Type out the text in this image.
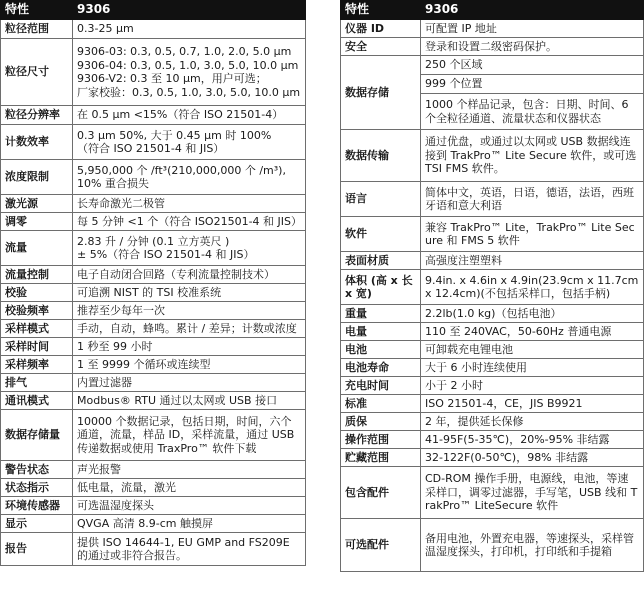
特性	9306
粒径范围	0.3-25 µm
粒径尺寸	9306-03: 0.3, 0.5, 0.7, 1.0, 2.0, 5.0 µm
9306-04: 0.3, 0.5, 1.0, 3.0, 5.0, 10.0 µm
9306-V2: 0.3 至 10 µm，用户可选；
厂家校验：0.3, 0.5, 1.0, 3.0, 5.0, 10.0 µm

粒径分辨率	在 0.5 µm <15%（符合 ISO 21501-4）
计数效率	0.3 µm 50%, 大于 0.45 µm 时 100%
（符合 ISO 21501-4 和 JIS）

浓度限制	5,950,000 个 /ft³(210,000,000 个 /m³),
10% 重合损失

激光源	长寿命激光二极管
调零	每 5 分钟 <1 个（符合 ISO21501-4 和 JIS）
流量	2.83 升 / 分钟 (0.1 立方英尺 )
± 5%（符合 ISO 21501-4 和 JIS）

流量控制	电子自动闭合回路（专利流量控制技术）
校验	可追溯 NIST 的 TSI 校准系统
校验频率	推荐至少每年一次
采样模式	手动，自动，蜂鸣。累计 / 差异；计数或浓度
采样时间	1 秒至 99 小时
采样频率	1 至 9999 个循环或连续型
排气	内置过滤器
通讯模式	Modbus® RTU 通过以太网或 USB 接口
数据存储量	10000 个数据记录，包括日期，时间，六个通道，流量，样品 ID，采样流量，通过 USB 传递数据或使用 TraxPro™ 软件下载
警告状态	声光报警
状态指示	低电量，流量，激光
环境传感器	可选温湿度探头
显示	QVGA 高清 8.9-cm 触摸屏
报告	提供 ISO 14644-1, EU GMP and FS209E
的通过或非符合报告。
特性	9306
仪器 ID	可配置 IP 地址
安全	登录和设置二级密码保护。
数据存储	250 个区域
	999 个位置
	1000 个样品记录，包含：日期、时间、6 个全粒径通道、流量状态和仪器状态
数据传输	通过优盘，或通过以太网或 USB 数据线连接到 TrakPro™ Lite Secure 软件，或可选 TSI FMS 软件。
语言	简体中文，英语，日语，德语，法语，西班牙语和意大利语
软件	兼容 TrakPro™ Lite，TrakPro™ Lite Secure 和 FMS 5 软件
表面材质	高强度注塑塑料
体积 (高 x 长 x 宽)	9.4in. x 4.6in x 4.9in(23.9cm x 11.7cm x 12.4cm)(不包括采样口，包括手柄)
重量	2.2lb(1.0 kg)（包括电池）
电量	110 至 240VAC，50-60Hz 普通电源
电池	可卸载充电锂电池
电池寿命	大于 6 小时连续使用
充电时间	小于 2 小时
标准	ISO 21501-4，CE，JIS B9921
质保	2 年，提供延长保修
操作范围	41-95F(5-35℃)，20%-95% 非结露
贮藏范围	32-122F(0-50℃)，98% 非结露
包含配件	CD-ROM 操作手册，电源线，电池，等速采样口，调零过滤器，手写笔，USB 线和 TrakPro™ LiteSecure 软件
可选配件	备用电池，外置充电器，等速探头，采样管温湿度探头，打印机，打印纸和手提箱
